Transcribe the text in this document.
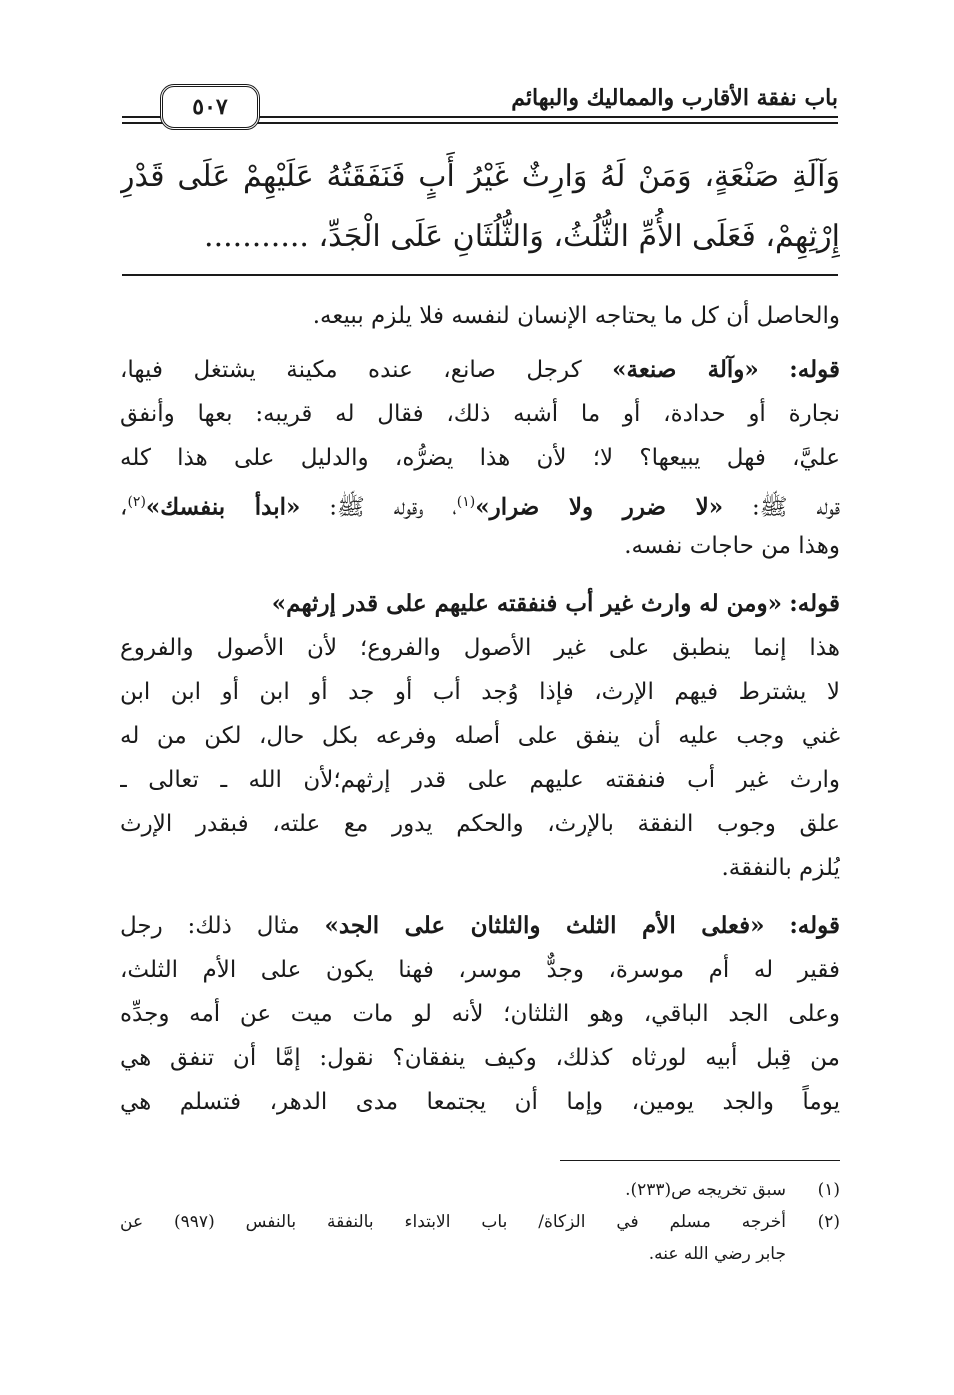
باب نفقة الأقارب والمماليك والبهائم
٥٠٧
وَآلَةِ صَنْعَةٍ، وَمَنْ لَهُ وَارِثٌ غَيْرُ أَبٍ فَنَفَقَتُهُ عَلَيْهِمْ عَلَى قَدْرِ
إِرْثِهِمْ، فَعَلَى الأُمِّ الثُّلُثُ، وَالثُّلُثَانِ عَلَى الْجَدِّ، ...........
والحاصل أن كل ما يحتاجه الإنسان لنفسه فلا يلزم ببيعه.
قوله: «وآلة صنعة» كرجل صانع، عنده مكينة يشتغل فيها،
نجارة أو حدادة، أو ما أشبه ذلك، فقال له قريبه: بعها وأنفق
عليَّ، فهل يبيعها؟ لا؛ لأن هذا يضرُّه، والدليل على هذا كله
قوله ﷺ: «لا ضرر ولا ضرار»$^{(١)}$، وقوله ﷺ: «ابدأ بنفسك»$^{(٢)}$،
وهذا من حاجات نفسه.
قوله: «ومن له وارث غير أب فنفقته عليهم على قدر إرثهم»
هذا إنما ينطبق على غير الأصول والفروع؛ لأن الأصول والفروع
لا يشترط فيهم الإرث، فإذا وُجد أب أو جد أو ابن أو ابن ابن
غني وجب عليه أن ينفق على أصله وفرعه بكل حال، لكن من له
وارث غير أب فنفقته عليهم على قدر إرثهم؛لأن الله ـ تعالى ـ
علق وجوب النفقة بالإرث، والحكم يدور مع علته، فبقدر الإرث
يُلزم بالنفقة.
قوله: «فعلى الأم الثلث والثلثان على الجد» مثال ذلك: رجل
فقير له أم موسرة، وجدٌّ موسر، فهنا يكون على الأم الثلث،
وعلى الجد الباقي، وهو الثلثان؛ لأنه لو مات ميت عن أمه وجدِّه
من قِبل أبيه لورثاه كذلك، وكيف ينفقان؟ نقول: إمَّا أن تنفق هي
يوماً والجد يومين، وإما أن يجتمعا مدى الدهر، فتسلم هي
(١)سبق تخريجه ص(٢٣٣).
(٢)أخرجه مسلم في الزكاة/ باب الابتداء بالنفقة بالنفس (٩٩٧) عن
جابر رضي الله عنه.
